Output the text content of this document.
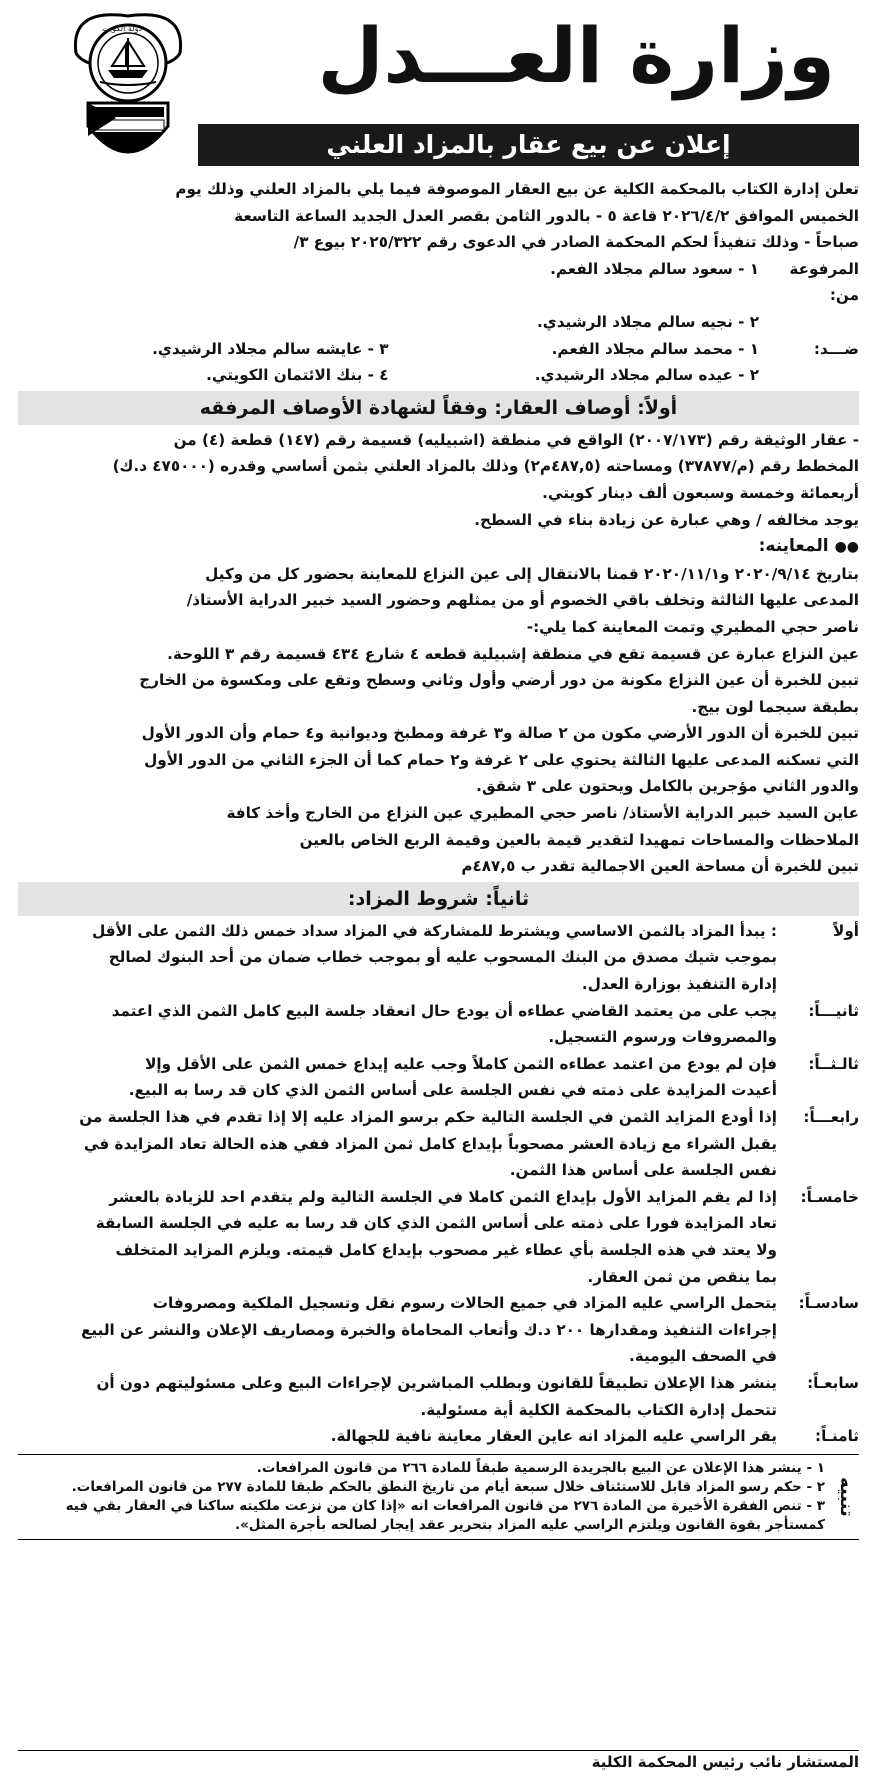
وزارة العـــدل
دولة الكويت
إعلان عن بيع عقار بالمزاد العلني

تعلن إدارة الكتاب بالمحكمة الكلية عن بيع العقار الموصوفة فيما يلي بالمزاد العلني وذلك يوم

الخميس الموافق ٢٠٢٦/٤/٢ قاعة ٥ - بالدور الثامن بقصر العدل الجديد الساعة التاسعة

صباحاً - وذلك تنفيذاً لحكم المحكمة الصادر في الدعوى رقم ٢٠٢٥/٣٢٢ بيوع ٣/

المرفوعة من:
١ - سعود سالم مجلاد الفعم.
٢ - نجيه سالم مجلاد الرشيدي.
ضـــد:
١ - محمد سالم مجلاد الفعم.
٣ - عايشه سالم مجلاد الرشيدي.
٢ - عيده سالم مجلاد الرشيدي.
٤ - بنك الائتمان الكويتي.
أولاً: أوصاف العقار: وفقاً لشهادة الأوصاف المرفقه

- عقار الوثيقة رقم (٢٠٠٧/١٧٣) الواقع في منطقة (اشبيليه) قسيمة رقم (١٤٧) قطعة (٤) من

المخطط رقم (م/٣٧٨٧٧) ومساحته (٤٨٧,٥م٢) وذلك بالمزاد العلني بثمن أساسي وقدره (٤٧٥٠٠٠ د.ك)

أربعمائة وخمسة وسبعون ألف دينار كويتي.

يوجد مخالفه / وهي عبارة عن زيادة بناء في السطح.

●● المعاينه:

بتاريخ ٢٠٢٠/٩/١٤ و٢٠٢٠/١١/١ قمنا بالانتقال إلى عين النزاع للمعاينة بحضور كل من وكيل

المدعى عليها الثالثة وتخلف باقي الخصوم أو من يمثلهم وحضور السيد خبير الدراية الأستاذ/

ناصر حجي المطيري وتمت المعاينة كما يلي:-

عين النزاع عبارة عن قسيمة تقع في منطقة إشبيلية قطعه ٤ شارع ٤٣٤ قسيمة رقم ٣ اللوحة.

تبين للخبرة أن عين النزاع مكونة من دور أرضي وأول وثاني وسطح وتقع على ومكسوة من الخارج

بطبقة سيجما لون بيج.

تبين للخبرة أن الدور الأرضي مكون من ٢ صالة و٣ غرفة ومطبخ وديوانية و٤ حمام وأن الدور الأول

التي تسكنه المدعى عليها الثالثة يحتوي على ٢ غرفة و٢ حمام كما أن الجزء الثاني من الدور الأول

والدور الثاني مؤجرين بالكامل ويحتون على ٣ شقق.

عاين السيد خبير الدراية الأستاذ/ ناصر حجي المطيري عين النزاع من الخارج وأخذ كافة

الملاحظات والمساحات تمهيدا لتقدير قيمة بالعين وقيمة الربع الخاص بالعين

تبين للخبرة أن مساحة العين الاجمالية تقدر ب ٤٨٧,٥م

ثانياً: شروط المزاد:
أولاً

: يبدأ المزاد بالثمن الاساسي ويشترط للمشاركة في المزاد سداد خمس ذلك الثمن على الأقل

بموجب شيك مصدق من البنك المسحوب عليه أو بموجب خطاب ضمان من أحد البنوك لصالح

إدارة التنفيذ بوزارة العدل.

ثانيـــاً:

يجب على من يعتمد القاضي عطاءه أن يودع حال انعقاد جلسة البيع كامل الثمن الذي اعتمد

والمصروفات ورسوم التسجيل.

ثالـثــاً:

فإن لم يودع من اعتمد عطاءه الثمن كاملاً وجب عليه إيداع خمس الثمن على الأقل وإلا

أعيدت المزايدة على ذمته في نفس الجلسة على أساس الثمن الذي كان قد رسا به البيع.

رابعـــاً:

إذا أودع المزايد الثمن في الجلسة التالية حكم برسو المزاد عليه إلا إذا تقدم في هذا الجلسة من

يقبل الشراء مع زيادة العشر مصحوباً بإيداع كامل ثمن المزاد ففي هذه الحالة تعاد المزايدة في

نفس الجلسة على أساس هذا الثمن.

خامسـاً:

إذا لم يقم المزايد الأول بإيداع الثمن كاملا في الجلسة التالية ولم يتقدم احد للزيادة بالعشر

تعاد المزايدة فورا على ذمته على أساس الثمن الذي كان قد رسا به عليه في الجلسة السابقة

ولا يعتد في هذه الجلسة بأي عطاء غير مصحوب بإيداع كامل قيمته. ويلزم المزايد المتخلف

بما ينقص من ثمن العقار.

سادسـاً:

يتحمل الراسي عليه المزاد في جميع الحالات رسوم نقل وتسجيل الملكية ومصروفات

إجراءات التنفيذ ومقدارها ٢٠٠ د.ك وأتعاب المحاماة والخبرة ومصاريف الإعلان والنشر عن البيع

في الصحف اليومية.

سابعـاً:

ينشر هذا الإعلان تطبيقاً للقانون وبطلب المباشرين لإجراءات البيع وعلى مسئوليتهم دون أن

تتحمل إدارة الكتاب بالمحكمة الكلية أية مسئولية.

ثامنـاً:

يقر الراسي عليه المزاد انه عاين العقار معاينة نافية للجهالة.

تنبيه

١ - ينشر هذا الإعلان عن البيع بالجريدة الرسمية طبقاً للمادة ٢٦٦ من قانون المرافعات.

٢ - حكم رسو المزاد قابل للاستئناف خلال سبعة أيام من تاريخ النطق بالحكم طبقا للمادة ٢٧٧ من قانون المرافعات.

٣ - تنص الفقرة الأخيرة من المادة ٢٧٦ من قانون المرافعات انه «إذا كان من نزعت ملكيته ساكنا في العقار بقي فيه

كمستأجر بقوة القانون ويلتزم الراسي عليه المزاد بتحرير عقد إيجار لصالحه بأجرة المثل».

المستشار نائب رئيس المحكمة الكلية
